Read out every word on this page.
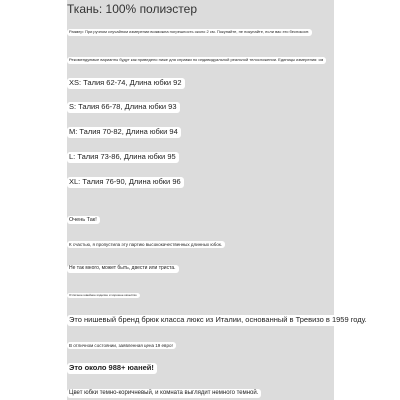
Ткань: 100% полиэстер
Размер: При ручном случайном измерении возможна погрешность около 2 см. Покупайте, не покупайте, если вас это беспокоит.
Рекомендуемые варианты будут как приведено ниже для справки по индивидуальной реальной телосложении. Единицы измерения: см
XS: Талия 62-74, Длина юбки 92
S: Талия 66-78, Длина юбки 93
M: Талия 70-82, Длина юбки 94
L: Талия 73-86, Длина юбки 95
XL: Талия 76-90, Длина юбки 96
Очень Так!
К счастью, я пропустила эту партию высококачественных длинных юбок.
Не так много, может быть, двести или триста.
Отличное швейное изделие и хорошее качество
Это нишевый бренд брюк класса люкс из Италии, основанный в Тревизо в 1959 году.
В отличном состоянии, заявленная цена 19 евро!
Это около 988+ юаней!
Цвет юбки темно-коричневый, и комната выглядит немного темной.
